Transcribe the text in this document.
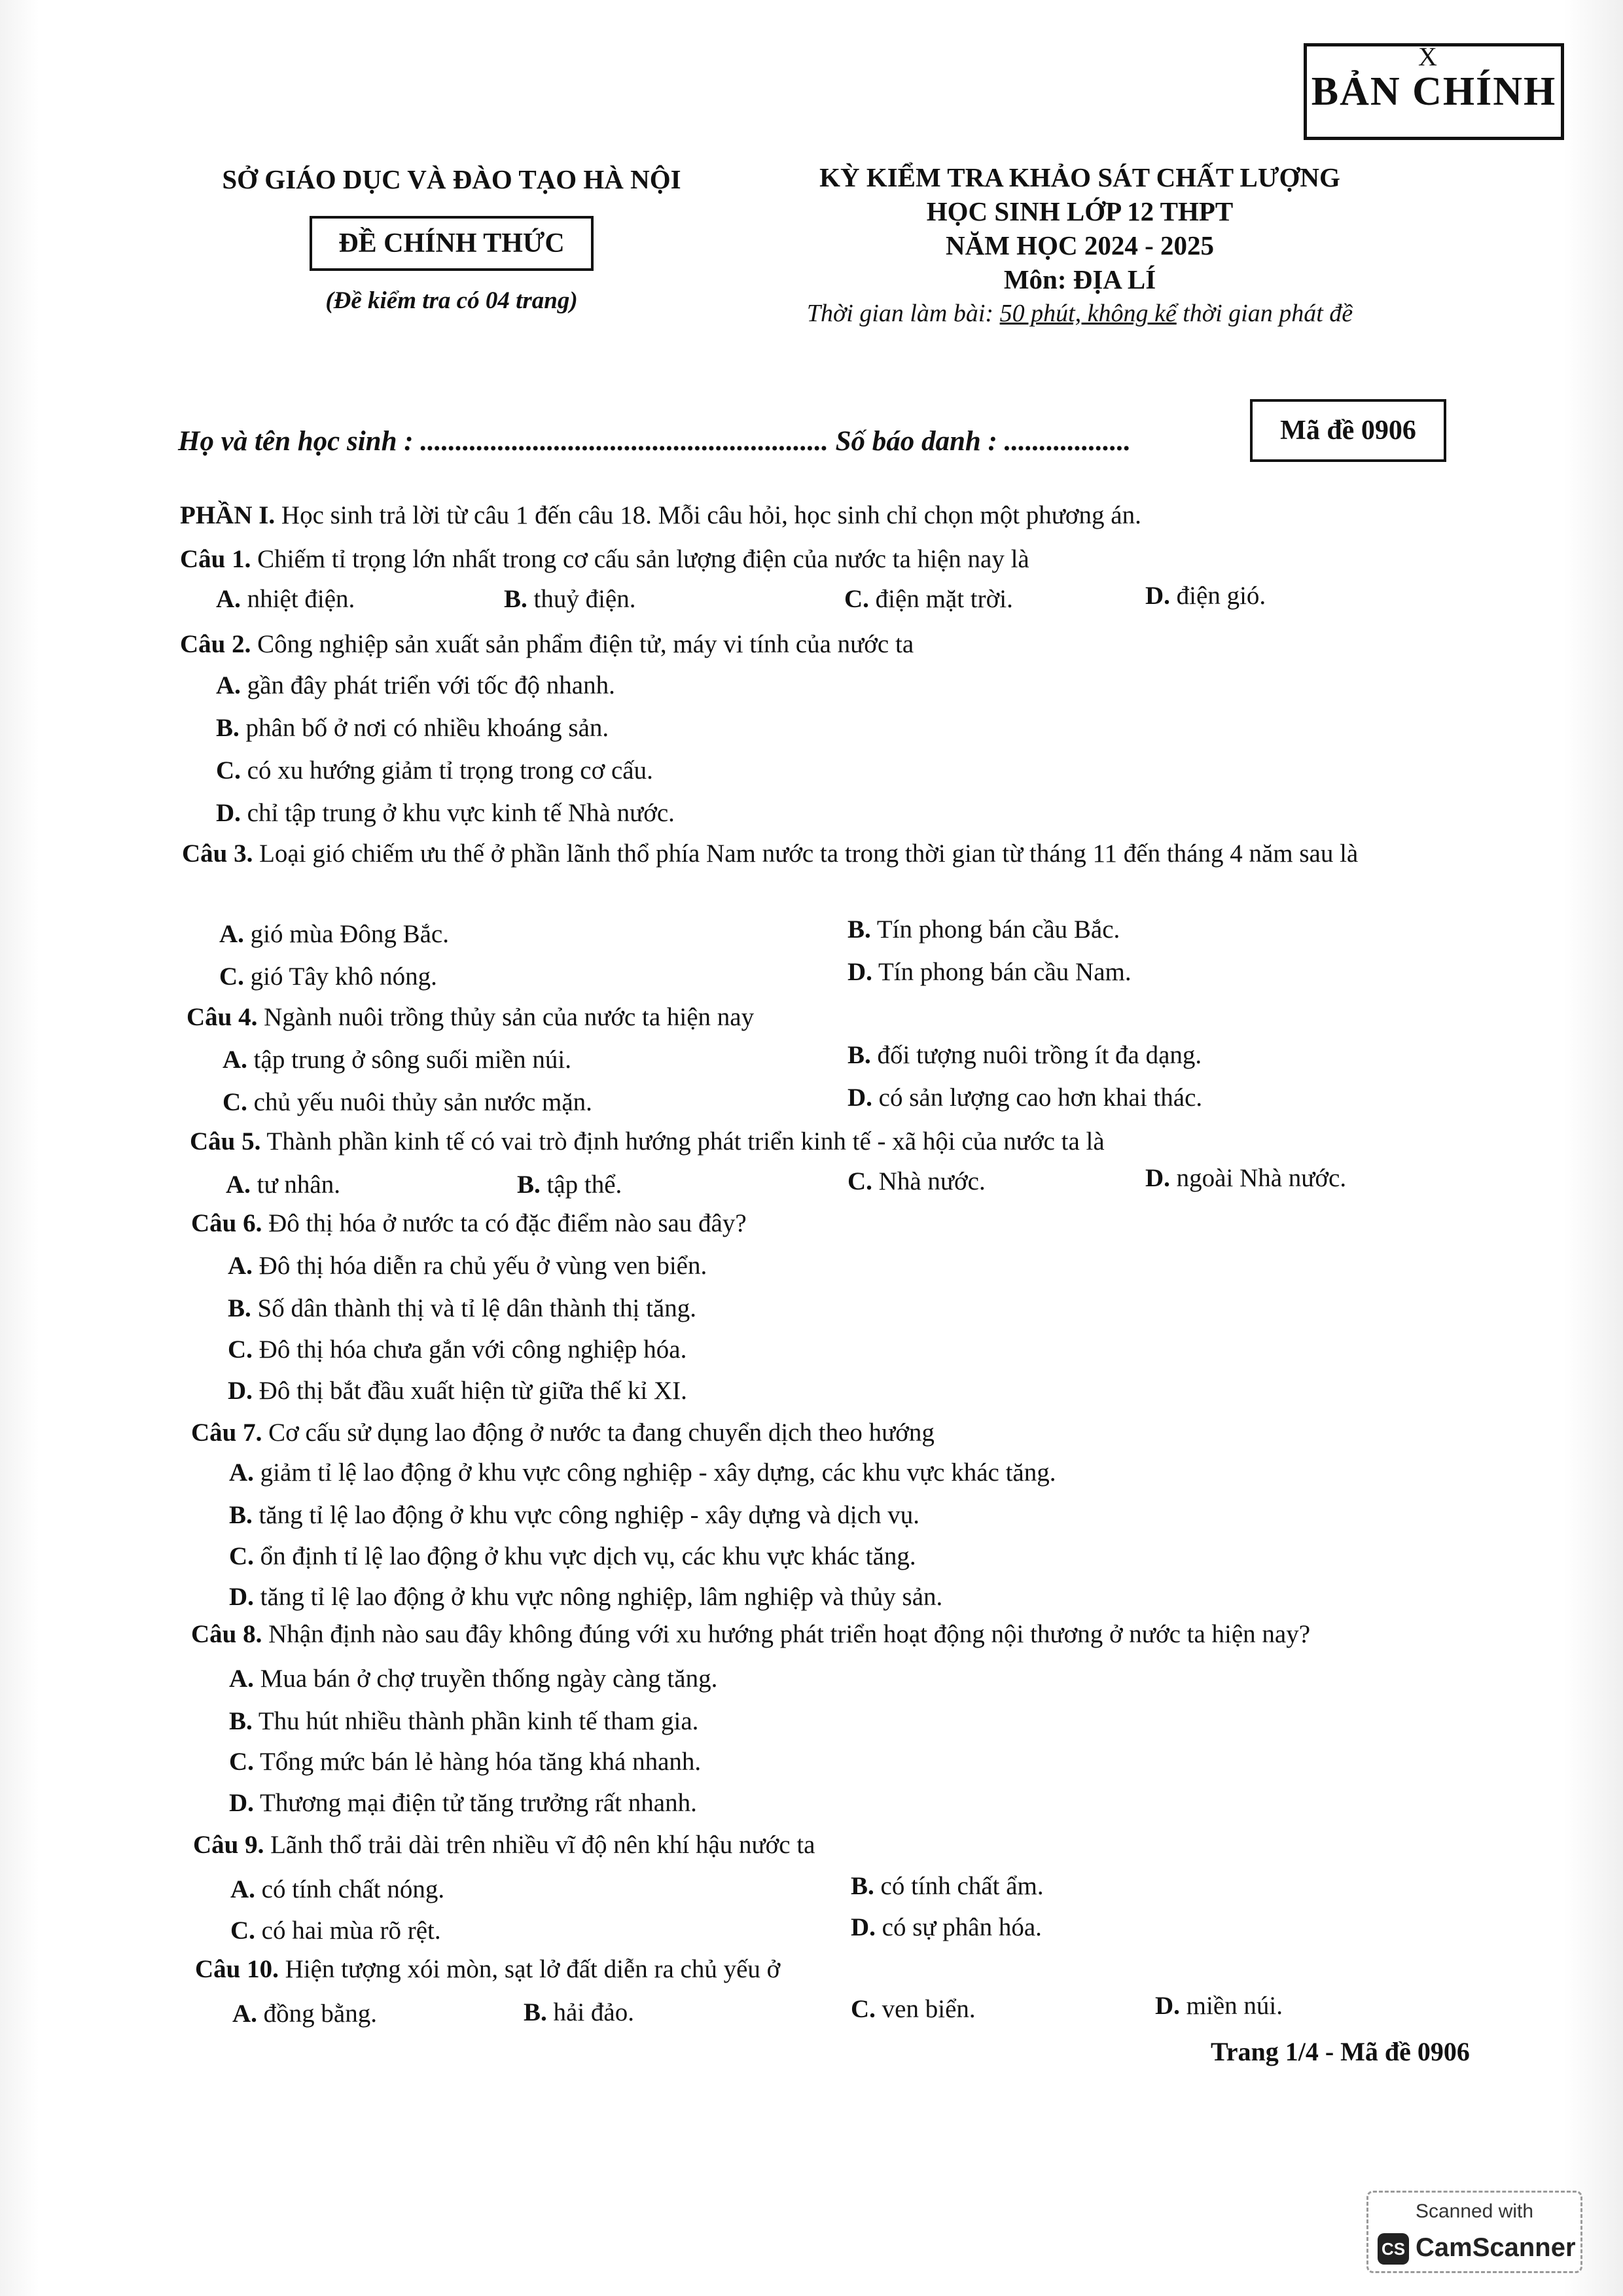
X
BẢN CHÍNH
SỞ GIÁO DỤC VÀ ĐÀO TẠO HÀ NỘI
ĐỀ CHÍNH THỨC
(Đề kiểm tra có 04 trang)
KỲ KIỂM TRA KHẢO SÁT CHẤT LƯỢNG
HỌC SINH LỚP 12 THPT
NĂM HỌC 2024 - 2025
Môn: ĐỊA LÍ
Thời gian làm bài: 50 phút, không kể thời gian phát đề
Họ và tên học sinh : .......................................................... Số báo danh : ..................	Mã đề 0906
PHẦN I. Học sinh trả lời từ câu 1 đến câu 18. Mỗi câu hỏi, học sinh chỉ chọn một phương án.
Câu 1. Chiếm tỉ trọng lớn nhất trong cơ cấu sản lượng điện của nước ta hiện nay là
A. nhiệt điện.	B. thuỷ điện.	C. điện mặt trời.	D. điện gió.
Câu 2. Công nghiệp sản xuất sản phẩm điện tử, máy vi tính của nước ta
A. gần đây phát triển với tốc độ nhanh.
B. phân bố ở nơi có nhiều khoáng sản.
C. có xu hướng giảm tỉ trọng trong cơ cấu.
D. chỉ tập trung ở khu vực kinh tế Nhà nước.
Câu 3. Loại gió chiếm ưu thế ở phần lãnh thổ phía Nam nước ta trong thời gian từ tháng 11 đến tháng 4 năm sau là
A. gió mùa Đông Bắc.	B. Tín phong bán cầu Bắc.
C. gió Tây khô nóng.	D. Tín phong bán cầu Nam.
Câu 4. Ngành nuôi trồng thủy sản của nước ta hiện nay
A. tập trung ở sông suối miền núi.	B. đối tượng nuôi trồng ít đa dạng.
C. chủ yếu nuôi thủy sản nước mặn.	D. có sản lượng cao hơn khai thác.
Câu 5. Thành phần kinh tế có vai trò định hướng phát triển kinh tế - xã hội của nước ta là
A. tư nhân.	B. tập thể.	C. Nhà nước.	D. ngoài Nhà nước.
Câu 6. Đô thị hóa ở nước ta có đặc điểm nào sau đây?
A. Đô thị hóa diễn ra chủ yếu ở vùng ven biển.
B. Số dân thành thị và tỉ lệ dân thành thị tăng.
C. Đô thị hóa chưa gắn với công nghiệp hóa.
D. Đô thị bắt đầu xuất hiện từ giữa thế kỉ XI.
Câu 7. Cơ cấu sử dụng lao động ở nước ta đang chuyển dịch theo hướng
A. giảm tỉ lệ lao động ở khu vực công nghiệp - xây dựng, các khu vực khác tăng.
B. tăng tỉ lệ lao động ở khu vực công nghiệp - xây dựng và dịch vụ.
C. ổn định tỉ lệ lao động ở khu vực dịch vụ, các khu vực khác tăng.
D. tăng tỉ lệ lao động ở khu vực nông nghiệp, lâm nghiệp và thủy sản.
Câu 8. Nhận định nào sau đây không đúng với xu hướng phát triển hoạt động nội thương ở nước ta hiện nay?
A. Mua bán ở chợ truyền thống ngày càng tăng.
B. Thu hút nhiều thành phần kinh tế tham gia.
C. Tổng mức bán lẻ hàng hóa tăng khá nhanh.
D. Thương mại điện tử tăng trưởng rất nhanh.
Câu 9. Lãnh thổ trải dài trên nhiều vĩ độ nên khí hậu nước ta
A. có tính chất nóng.	B. có tính chất ẩm.
C. có hai mùa rõ rệt.	D. có sự phân hóa.
Câu 10. Hiện tượng xói mòn, sạt lở đất diễn ra chủ yếu ở
A. đồng bằng.	B. hải đảo.	C. ven biển.	D. miền núi.
Trang 1/4 - Mã đề 0906
Scanned with
CS CamScanner
